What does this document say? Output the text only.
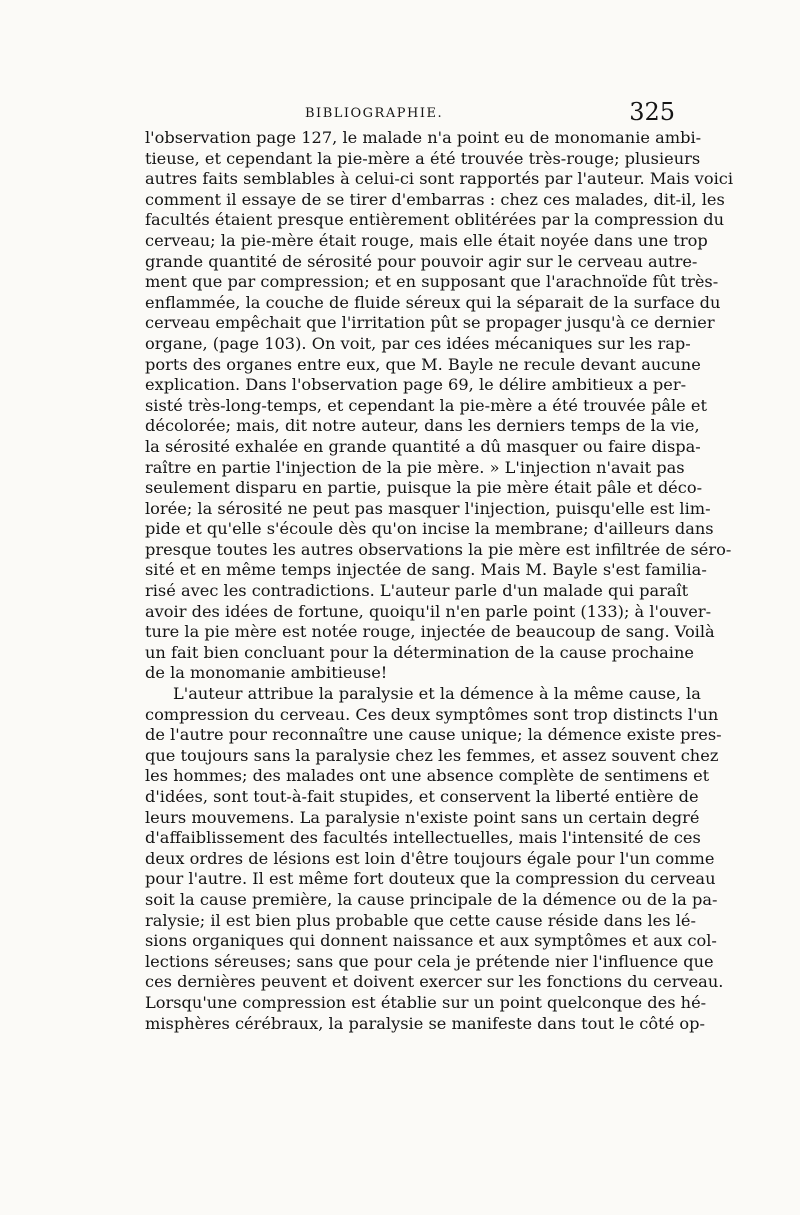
BIBLIOGRAPHIE.	325
l'observation page 127, le malade n'a point eu de monomanie ambi-
tieuse, et cependant la pie-mère a été trouvée très-rouge; plusieurs
autres faits semblables à celui-ci sont rapportés par l'auteur. Mais voici
comment il essaye de se tirer d'embarras : chez ces malades, dit-il, les
facultés étaient presque entièrement oblitérées par la compression du
cerveau; la pie-mère était rouge, mais elle était noyée dans une trop
grande quantité de sérosité pour pouvoir agir sur le cerveau autre-
ment que par compression; et en supposant que l'arachnoïde fût très-
enflammée, la couche de fluide séreux qui la séparait de la surface du
cerveau empêchait que l'irritation pût se propager jusqu'à ce dernier
organe, (page 103). On voit, par ces idées mécaniques sur les rap-
ports des organes entre eux, que M. Bayle ne recule devant aucune
explication. Dans l'observation page 69, le délire ambitieux a per-
sisté très-long-temps, et cependant la pie-mère a été trouvée pâle et
décolorée; mais, dit notre auteur, dans les derniers temps de la vie,
la sérosité exhalée en grande quantité a dû masquer ou faire dispa-
raître en partie l'injection de la pie mère. » L'injection n'avait pas
seulement disparu en partie, puisque la pie mère était pâle et déco-
lorée; la sérosité ne peut pas masquer l'injection, puisqu'elle est lim-
pide et qu'elle s'écoule dès qu'on incise la membrane; d'ailleurs dans
presque toutes les autres observations la pie mère est infiltrée de séro-
sité et en même temps injectée de sang. Mais M. Bayle s'est familia-
risé avec les contradictions. L'auteur parle d'un malade qui paraît
avoir des idées de fortune, quoiqu'il n'en parle point (133); à l'ouver-
ture la pie mère est notée rouge, injectée de beaucoup de sang. Voilà
un fait bien concluant pour la détermination de la cause prochaine
de la monomanie ambitieuse!
L'auteur attribue la paralysie et la démence à la même cause, la
compression du cerveau. Ces deux symptômes sont trop distincts l'un
de l'autre pour reconnaître une cause unique; la démence existe pres-
que toujours sans la paralysie chez les femmes, et assez souvent chez
les hommes; des malades ont une absence complète de sentimens et
d'idées, sont tout-à-fait stupides, et conservent la liberté entière de
leurs mouvemens. La paralysie n'existe point sans un certain degré
d'affaiblissement des facultés intellectuelles, mais l'intensité de ces
deux ordres de lésions est loin d'être toujours égale pour l'un comme
pour l'autre. Il est même fort douteux que la compression du cerveau
soit la cause première, la cause principale de la démence ou de la pa-
ralysie; il est bien plus probable que cette cause réside dans les lé-
sions organiques qui donnent naissance et aux symptômes et aux col-
lections séreuses; sans que pour cela je prétende nier l'influence que
ces dernières peuvent et doivent exercer sur les fonctions du cerveau.
Lorsqu'une compression est établie sur un point quelconque des hé-
misphères cérébraux, la paralysie se manifeste dans tout le côté op-
